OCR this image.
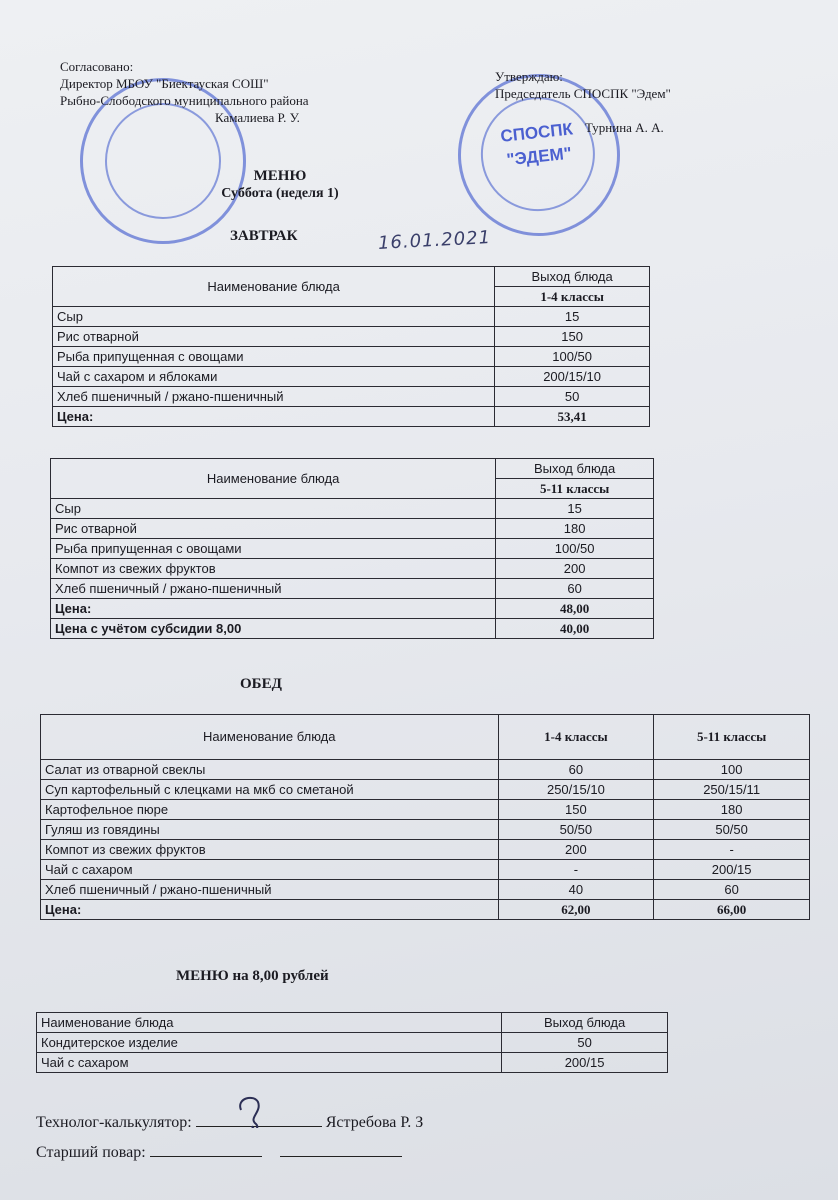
Согласовано:
Директор МБОУ "Биектауская СОШ"
Рыбно-Слободского муниципального района
Камалиева Р. У.
СПОСПК
"ЭДЕМ"
Утверждаю:
Председатель СПОСПК "Эдем"
Турнина А. А.
МЕНЮ
Суббота (неделя 1)
ЗАВТРАК	16.01.2021
Наименование блюда	Выход блюда
	1-4 классы
Сыр	15
Рис отварной	150
Рыба припущенная с овощами	100/50
Чай с сахаром и яблоками	200/15/10
Хлеб пшеничный / ржано-пшеничный	50
Цена:	53,41
Наименование блюда	Выход блюда
	5-11 классы
Сыр	15
Рис отварной	180
Рыба припущенная с овощами	100/50
Компот из свежих фруктов	200
Хлеб пшеничный / ржано-пшеничный	60
Цена:	48,00
Цена с учётом субсидии 8,00	40,00
ОБЕД
Наименование блюда	1-4 классы	5-11 классы
Салат из отварной свеклы	60	100
Суп картофельный с клецками на мкб со сметаной	250/15/10	250/15/11
Картофельное пюре	150	180
Гуляш из говядины	50/50	50/50
Компот из свежих фруктов	200	-
Чай с сахаром	-	200/15
Хлеб пшеничный / ржано-пшеничный	40	60
Цена:	62,00	66,00
МЕНЮ на 8,00 рублей
Наименование блюда	Выход блюда
Кондитерское изделие	50
Чай с сахаром	200/15
Технолог-калькулятор:	Ястребова Р. З
Старший повар:
